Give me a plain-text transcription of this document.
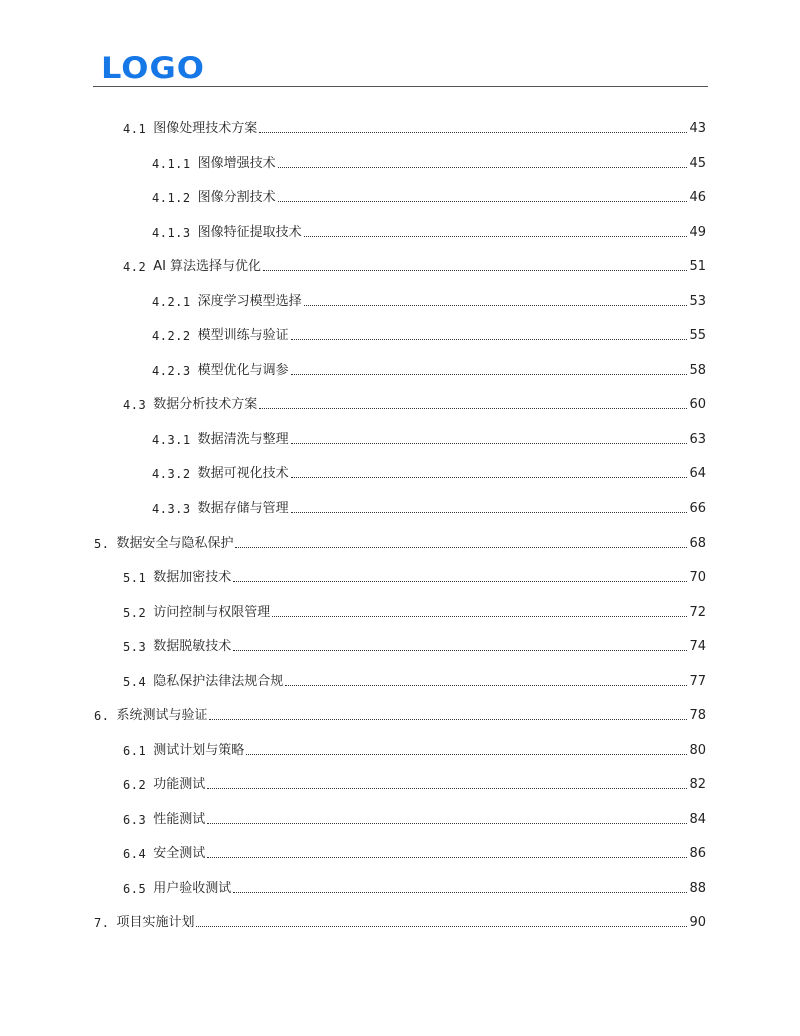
LOGO
4.1 图像处理技术方案	43
4.1.1 图像增强技术	45
4.1.2 图像分割技术	46
4.1.3 图像特征提取技术	49
4.2 AI 算法选择与优化	51
4.2.1 深度学习模型选择	53
4.2.2 模型训练与验证	55
4.2.3 模型优化与调参	58
4.3 数据分析技术方案	60
4.3.1 数据清洗与整理	63
4.3.2 数据可视化技术	64
4.3.3 数据存储与管理	66
5. 数据安全与隐私保护	68
5.1 数据加密技术	70
5.2 访问控制与权限管理	72
5.3 数据脱敏技术	74
5.4 隐私保护法律法规合规	77
6. 系统测试与验证	78
6.1 测试计划与策略	80
6.2 功能测试	82
6.3 性能测试	84
6.4 安全测试	86
6.5 用户验收测试	88
7. 项目实施计划	90
